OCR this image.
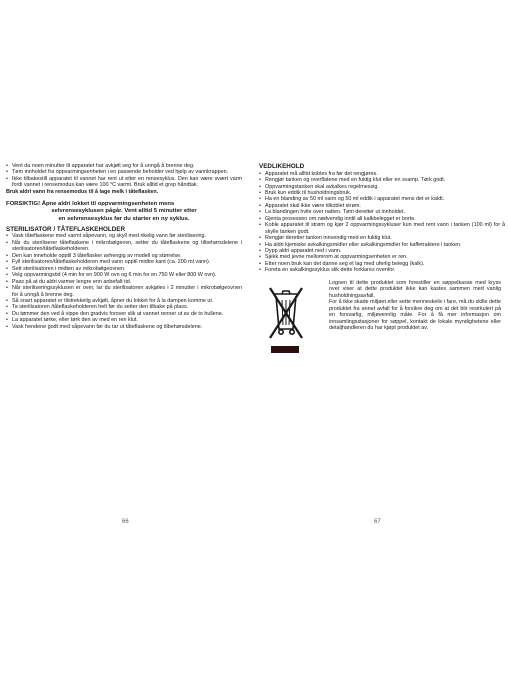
• Vent da noen minutter til apparatet har avkjølt seg for å unngå å brenne deg.
• Tøm innholdet fra oppvarmingsenheten i en passende beholder ved hjelp av vannkrappen.
• Ikke tilbakestill apparatet til vannet har rent ut etter en rensesyklus. Den kan være svært varm fordi vannet i rensemodus kan være 100 °C varmt. Bruk alltid et grep håndtak.

Bruk aldri vann fra rensemodus til å lage melk i tåteflasken.

FORSIKTIG! Åpne aldri lokket til oppvarmingsenheten mens
selvrensesyklusen pågår. Vent alltid 5 minutter etter
en selvrensesyklus før du starter en ny syklus.

STERILISATOR / TÅTEFLASKEHOLDER

• Vask tåteflaskene med varmt såpevann, og skyll med rikelig vann før sterilisering.
• Når du steriliserer tåteflaskene i mikrobølgeovn, setter du tåteflaskene og tilbehørsdelene i sterilisatoren/tåteflaskeholderen.
• Den kan inneholde opptil 3 tåteflasker avhengig av modell og størrelse.
• Fyll sterilisatoren/tåteflaskeholderen med vann opptil midtre kant (ca. 200 ml vann).
• Sett sterilisatoren i midten av mikrobølgeovnen.
• Velg oppvarmingstid (4 min for en 900 W ovn og 6 min for en 750 W eller 800 W ovn).
• Pass på at du aldri varmer lengre enn anbefalt tid.
• Når steriliseringssyklusen er over, lar du sterilisatoren avkjøles i 2 minutter i mikrobølgeovnen for å unngå å brenne deg.
• Så snart apparatet er tilstrekkelig avkjølt, åpner du lokket for å la dampen komme ut.
• Ta sterilisatoren /tåteflaskeholderen helt før du setter den tilbake på plass.
• Du tømmer den ved å vippe den gradvis forover slik at vannet renner ut av de to hullene.
• La apparatet tørke, eller tørk den av med en ren klut.
• Vask hendene godt med såpevann før du tar ut tåteflaskene og tilbehørsdelene.
66

VEDLIKEHOLD

• Apparatet må alltid kobles fra før det rengjøres.
• Rengjør tanken og overflatene med en fuktig klut eller en svamp. Tørk godt.
• Oppvarmingstanken skal avkalkes regelmessig.
• Bruk kun eddik til husholdningsbruk.
• Ha en blanding av 50 ml vann og 50 ml eddik i apparatet mens det er kaldt.
• Apparatet skal ikke være tilkoblet strøm.
• La blandingen hvile over natten. Tøm deretter ut innholdet.
• Gjenta prosessen om nødvendig inntil all kalkbelegget er borte.
• Koble apparatet til strøm og kjør 2 oppvarmingssykluser kun med rent vann i tanken (100 ml) for å skylle tanken godt.
• Rengjør deretter tanken innvendig med en fuktig klut.
• Ha aldri kjemiske avkalkingsmidler eller avkalkingsmidler for kaffetraktere i tanken.
• Dypp aldri apparatet ned i vann.
• Sjekk med jevne mellomrom at oppvarmingsenheten er ren.
• Etter noen bruk kan det danne seg et lag med uferlig belegg (kalk).
• Foreta en avkalkingssyklus slik dette forklares ovenfor.

Logoen til dette produktet som forestiller en søppelkasse med kryss over viser at dette produktet ikke kan kastes sammen med vanlig husholdningsavfall.

For å ikke skade miljøet eller sette menneskeliv i fare, må du skille dette produktet fra annet avfall for å forsikre deg om at det blir resirkulert på en forsvarlig, miljøvennlig måte. For å få mer informasjon om innsamlingsstasjoner for søppel, kontakt de lokale myndighetene eller detaljhandleren du har kjøpt produktet av.

67
